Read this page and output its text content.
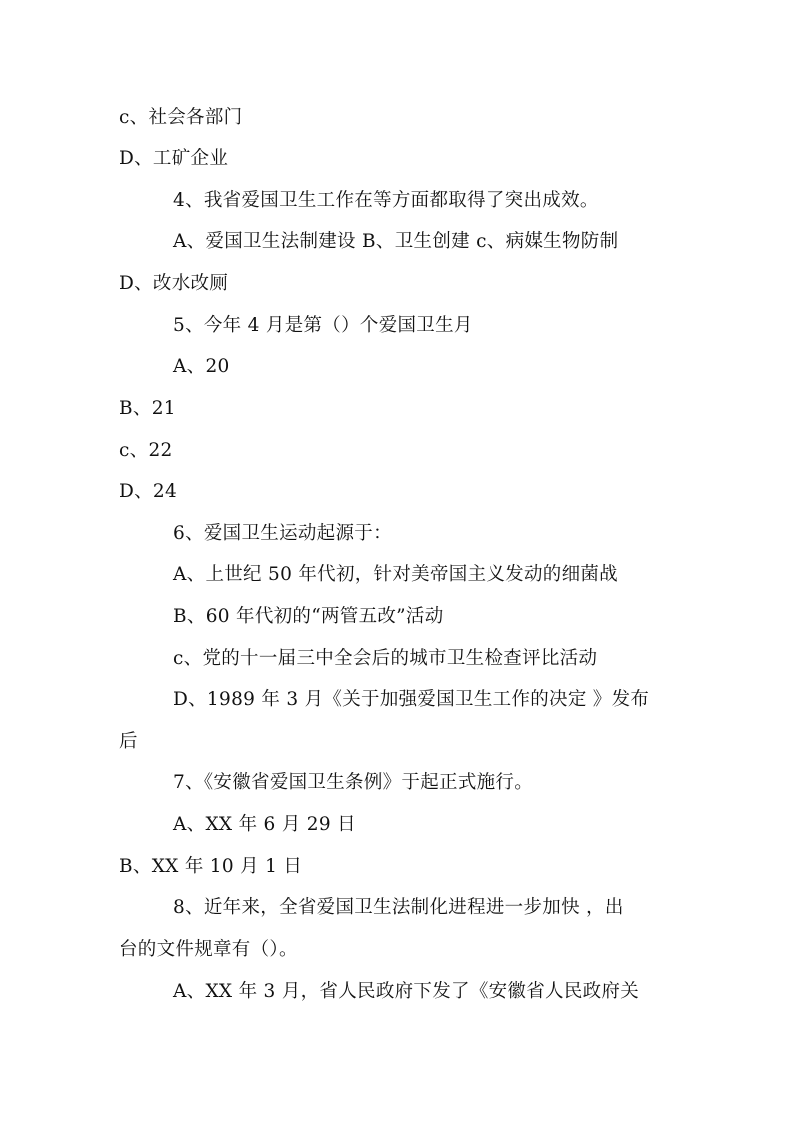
c、社会各部门
D、工矿企业
4、我省爱国卫生工作在等方面都取得了突出成效。
A、爱国卫生法制建设 B、卫生创建 c、病媒生物防制
D、改水改厕
5、今年 4 月是第（）个爱国卫生月
A、20
B、21
c、22
D、24
6、爱国卫生运动起源于：
A、上世纪 50 年代初，针对美帝国主义发动的细菌战
B、60 年代初的“两管五改”活动
c、党的十一届三中全会后的城市卫生检查评比活动
D、1989 年 3 月《关于加强爱国卫生工作的决定 》发布
后
7、《安徽省爱国卫生条例》于起正式施行。
A、XX 年 6 月 29 日
B、XX 年 10 月 1 日
8、近年来，全省爱国卫生法制化进程进一步加快 ，出
台的文件规章有（）。
A、XX 年 3 月，省人民政府下发了《安徽省人民政府关
